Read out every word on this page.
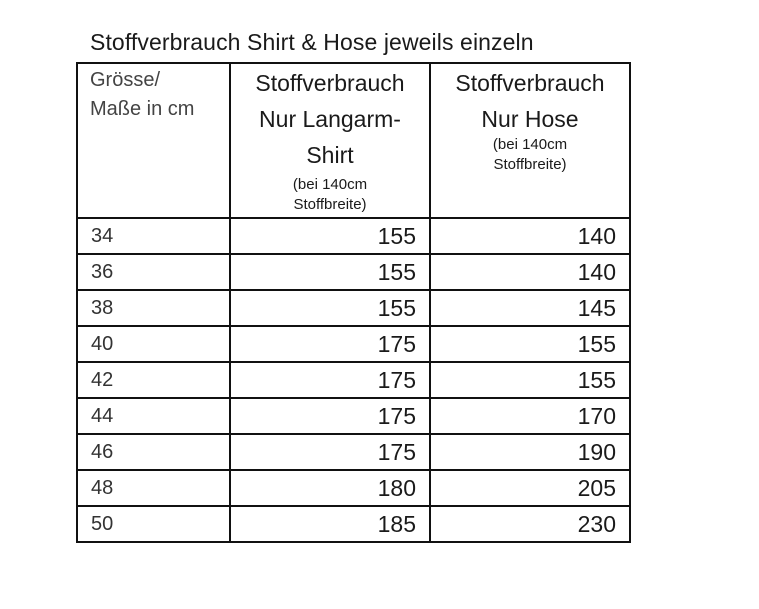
Stoffverbrauch Shirt & Hose jeweils einzeln
Grösse/
Maße in cm	Stoffverbrauch
Nur Langarm-
Shirt
(bei 140cm
Stoffbreite)	Stoffverbrauch
Nur Hose
(bei 140cm
Stoffbreite)

34	155	140
36	155	140
38	155	145
40	175	155
42	175	155
44	175	170
46	175	190
48	180	205
50	185	230
